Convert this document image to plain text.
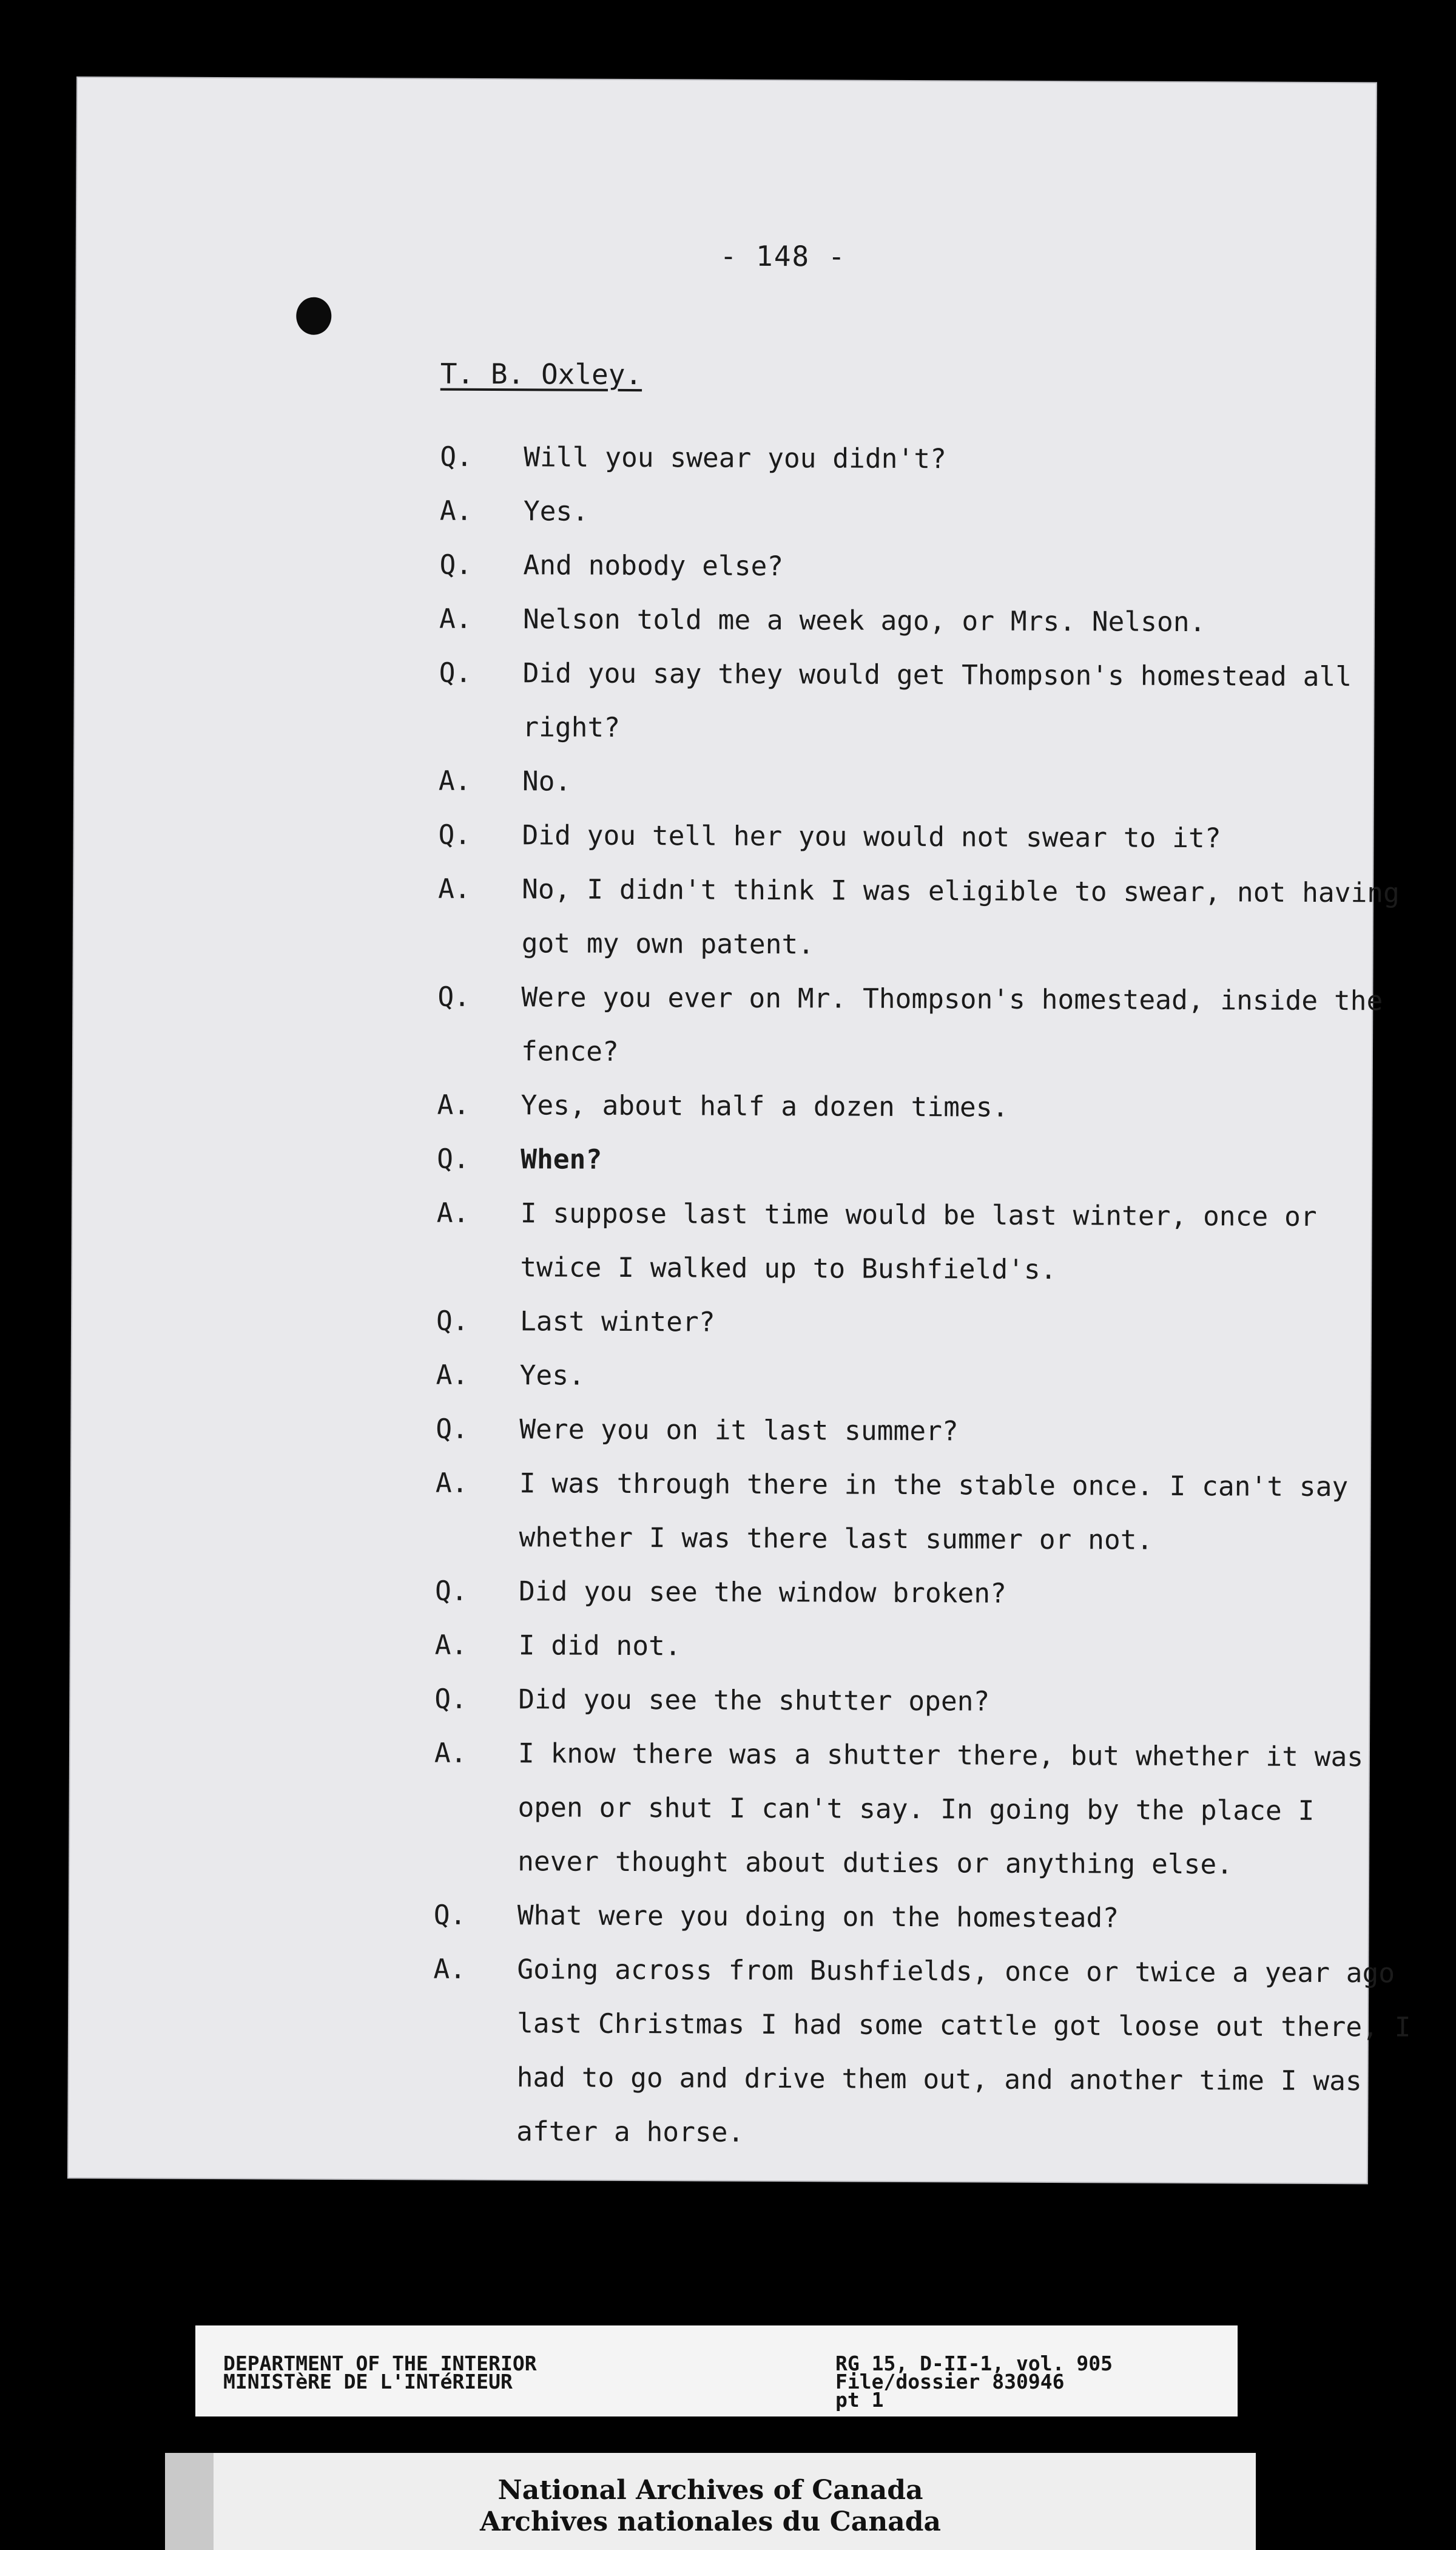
- 148 -
T. B. Oxley.
Q.	Will you swear you didn't?
A.	Yes.
Q.	And nobody else?
A.	Nelson told me a week ago, or Mrs. Nelson.
Q.	Did you say they would get Thompson's homestead all
right?
A.	No.
Q.	Did you tell her you would not swear to it?
A.	No, I didn't think I was eligible to swear, not having
got my own patent.
Q.	Were you ever on Mr. Thompson's homestead, inside the
fence?
A.	Yes, about half a dozen times.
Q.	When?
A.	I suppose last time would be last winter, once or
twice I walked up to Bushfield's.
Q.	Last winter?
A.	Yes.
Q.	Were you on it last summer?
A.	I was through there in the stable once. I can't say
whether I was there last summer or not.
Q.	Did you see the window broken?
A.	I did not.
Q.	Did you see the shutter open?
A.	I know there was a shutter there, but whether it was
open or shut I can't say. In going by the place I
never thought about duties or anything else.
Q.	What were you doing on the homestead?
A.	Going across from Bushfields, once or twice a year ago
last Christmas I had some cattle got loose out there, I
had to go and drive them out, and another time I was
after a horse.
DEPARTMENT OF THE INTERIOR
MINISTèRE DE L'INTéRIEUR
RG 15, D-II-1, vol. 905
File/dossier 830946
pt 1
National Archives of Canada
Archives nationales du Canada
